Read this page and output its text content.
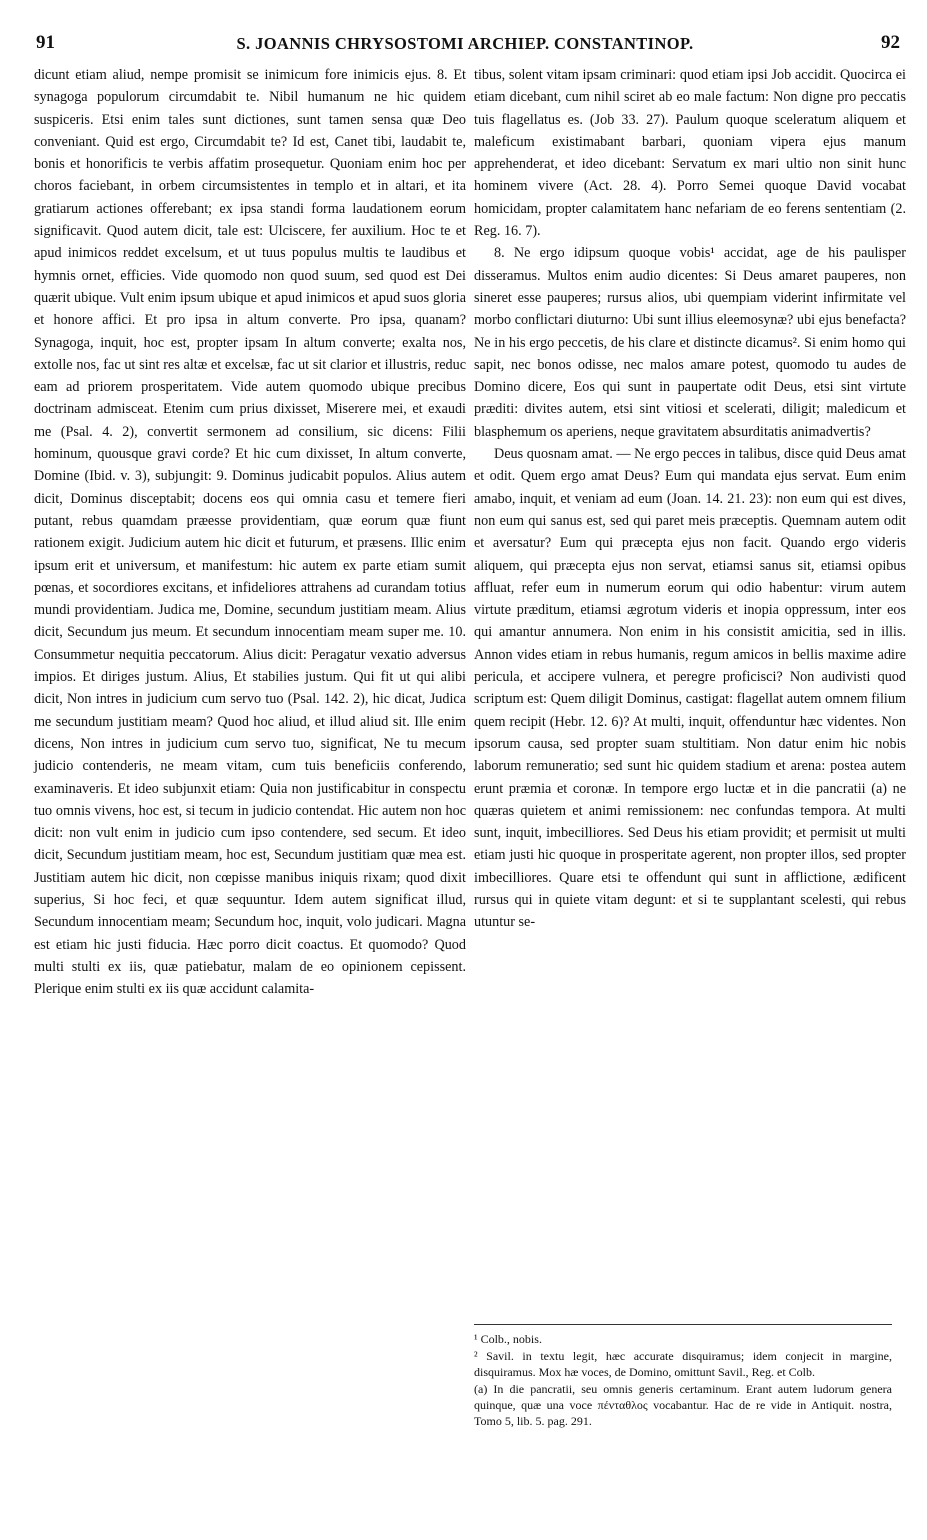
91	S. JOANNIS CHRYSOSTOMI ARCHIEP. CONSTANTINOP.	92

dicunt etiam aliud, nempe promisit se inimicum fore inimicis ejus. 8. Et synagoga populorum circumdabit te. Nibil humanum ne hic quidem suspiceris. Etsi enim tales sunt dictiones, sunt tamen sensa quæ Deo conveniant. Quid est ergo, Circumdabit te? Id est, Canet tibi, laudabit te, bonis et honorificis te verbis affatim prosequetur. Quoniam enim hoc per choros faciebant, in orbem circumsistentes in templo et in altari, et ita gratiarum actiones offerebant; ex ipsa standi forma laudationem eorum significavit. Quod autem dicit, tale est: Ulciscere, fer auxilium. Hoc te et apud inimicos reddet excelsum, et ut tuus populus multis te laudibus et hymnis ornet, efficies. Vide quomodo non quod suum, sed quod est Dei quærit ubique. Vult enim ipsum ubique et apud inimicos et apud suos gloria et honore affici. Et pro ipsa in altum converte. Pro ipsa, quanam? Synagoga, inquit, hoc est, propter ipsam In altum converte; exalta nos, extolle nos, fac ut sint res altæ et excelsæ, fac ut sit clarior et illustris, reduc eam ad priorem prosperitatem. Vide autem quomodo ubique precibus doctrinam admisceat. Etenim cum prius dixisset, Miserere mei, et exaudi me (Psal. 4. 2), convertit sermonem ad consilium, sic dicens: Filii hominum, quousque gravi corde? Et hic cum dixisset, In altum converte, Domine (Ibid. v. 3), subjungit: 9. Dominus judicabit populos. Alius autem dicit, Dominus disceptabit; docens eos qui omnia casu et temere fieri putant, rebus quamdam præesse providentiam, quæ eorum quæ fiunt rationem exigit. Judicium autem hic dicit et futurum, et præsens. Illic enim ipsum erit et universum, et manifestum: hic autem ex parte etiam sumit pœnas, et socordiores excitans, et infideliores attrahens ad curandam totius mundi providentiam. Judica me, Domine, secundum justitiam meam. Alius dicit, Secundum jus meum. Et secundum innocentiam meam super me. 10. Consummetur nequitia peccatorum. Alius dicit: Peragatur vexatio adversus impios. Et diriges justum. Alius, Et stabilies justum. Qui fit ut qui alibi dicit, Non intres in judicium cum servo tuo (Psal. 142. 2), hic dicat, Judica me secundum justitiam meam? Quod hoc aliud, et illud aliud sit. Ille enim dicens, Non intres in judicium cum servo tuo, significat, Ne tu mecum judicio contenderis, ne meam vitam, cum tuis beneficiis conferendo, examinaveris. Et ideo subjunxit etiam: Quia non justificabitur in conspectu tuo omnis vivens, hoc est, si tecum in judicio contendat. Hic autem non hoc dicit: non vult enim in judicio cum ipso contendere, sed secum. Et ideo dicit, Secundum justitiam meam, hoc est, Secundum justitiam quæ mea est. Justitiam autem hic dicit, non cœpisse manibus iniquis rixam; quod dixit superius, Si hoc feci, et quæ sequuntur. Idem autem significat illud, Secundum innocentiam meam; Secundum hoc, inquit, volo judicari. Magna est etiam hic justi fiducia. Hæc porro dicit coactus. Et quomodo? Quod multi stulti ex iis, quæ patiebatur, malam de eo opinionem cepissent. Plerique enim stulti ex iis quæ accidunt calamita-

tibus, solent vitam ipsam criminari: quod etiam ipsi Job accidit. Quocirca ei etiam dicebant, cum nihil sciret ab eo male factum: Non digne pro peccatis tuis flagellatus es. (Job 33. 27). Paulum quoque sceleratum aliquem et maleficum existimabant barbari, quoniam vipera ejus manum apprehenderat, et ideo dicebant: Servatum ex mari ultio non sinit hunc hominem vivere (Act. 28. 4). Porro Semei quoque David vocabat homicidam, propter calamitatem hanc nefariam de eo ferens sententiam (2. Reg. 16. 7).

8. Ne ergo idipsum quoque vobis¹ accidat, age de his paulisper disseramus. Multos enim audio dicentes: Si Deus amaret pauperes, non sineret esse pauperes; rursus alios, ubi quempiam viderint infirmitate vel morbo conflictari diuturno: Ubi sunt illius eleemosynæ? ubi ejus benefacta? Ne in his ergo peccetis, de his clare et distincte dicamus². Si enim homo qui sapit, nec bonos odisse, nec malos amare potest, quomodo tu audes de Domino dicere, Eos qui sunt in paupertate odit Deus, etsi sint virtute præditi: divites autem, etsi sint vitiosi et scelerati, diligit; maledicum et blasphemum os aperiens, neque gravitatem absurditatis animadvertis?

Deus quosnam amat. — Ne ergo pecces in talibus, disce quid Deus amat et odit. Quem ergo amat Deus? Eum qui mandata ejus servat. Eum enim amabo, inquit, et veniam ad eum (Joan. 14. 21. 23): non eum qui est dives, non eum qui sanus est, sed qui paret meis præceptis. Quemnam autem odit et aversatur? Eum qui præcepta ejus non facit. Quando ergo videris aliquem, qui præcepta ejus non servat, etiamsi sanus sit, etiamsi opibus affluat, refer eum in numerum eorum qui odio habentur: virum autem virtute præditum, etiamsi ægrotum videris et inopia oppressum, inter eos qui amantur annumera. Non enim in his consistit amicitia, sed in illis. Annon vides etiam in rebus humanis, regum amicos in bellis maxime adire pericula, et accipere vulnera, et peregre proficisci? Non audivisti quod scriptum est: Quem diligit Dominus, castigat: flagellat autem omnem filium quem recipit (Hebr. 12. 6)? At multi, inquit, offenduntur hæc videntes. Non ipsorum causa, sed propter suam stultitiam. Non datur enim hic nobis laborum remuneratio; sed sunt hic quidem stadium et arena: postea autem erunt præmia et coronæ. In tempore ergo luctæ et in die pancratii (a) ne quæras quietem et animi remissionem: nec confundas tempora. At multi sunt, inquit, imbecilliores. Sed Deus his etiam providit; et permisit ut multi etiam justi hic quoque in prosperitate agerent, non propter illos, sed propter imbecilliores. Quare etsi te offendunt qui sunt in afflictione, ædificent rursus qui in quiete vitam degunt: et si te supplantant scelesti, qui rebus utuntur se-

¹ Colb., nobis.

² Savil. in textu legit, hæc accurate disquiramus; idem conjecit in margine, disquiramus. Mox hæ voces, de Domino, omittunt Savil., Reg. et Colb.

(a) In die pancratii, seu omnis generis certaminum. Erant autem ludorum genera quinque, quæ una voce πένταθλος vocabantur. Hac de re vide in Antiquit. nostra, Tomo 5, lib. 5. pag. 291.
